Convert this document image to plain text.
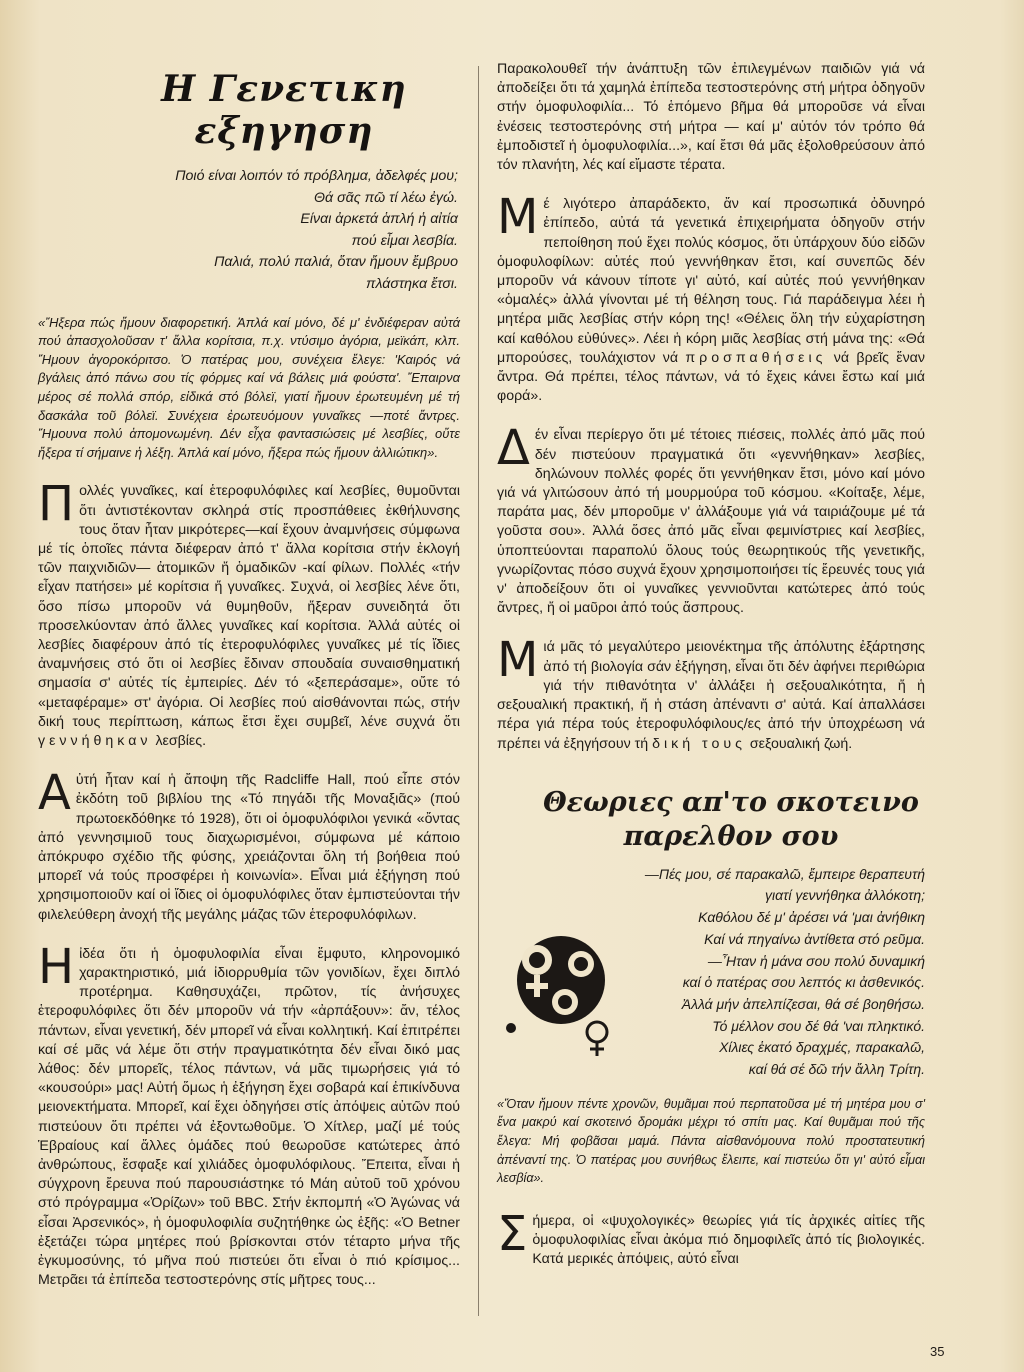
Η Γενετικη εξηγηση
Ποιό είναι λοιπόν τό πρόβλημα, ἀδελφές μου;
Θά σᾶς πῶ τί λέω ἐγώ.
Είναι ἀρκετά ἁπλή ἡ αἰτία
πού εἶμαι λεσβία.
Παλιά, πολύ παλιά, ὅταν ἤμουν ἔμβρυο
πλάστηκα ἔτσι.
«Ἤξερα πώς ἤμουν διαφορετική. Ἁπλά καί μόνο, δέ μ' ἐνδιέφεραν αὐτά πού ἀπασχολοῦσαν τ' ἄλλα κορίτσια, π.χ. ντύσιμο ἀγόρια, μεϊκάπ, κλπ. Ἤμουν ἀγοροκόριτσο. Ὁ πατέρας μου, συνέχεια ἔλεγε: 'Καιρός νά βγάλεις ἀπό πάνω σου τίς φόρμες καί νά βάλεις μιά φούστα'. Ἔπαιρνα μέρος σέ πολλά σπόρ, εἰδικά στό βόλεϊ, γιατί ἤμουν ἐρωτευμένη μέ τή δασκάλα τοῦ βόλεϊ. Συνέχεια ἐρωτευόμουν γυναῖκες —ποτέ ἄντρες. Ἤμουνα πολύ ἀπομονωμένη. Δέν εἶχα φαντασιώσεις μέ λεσβίες, οὔτε ἤξερα τί σήμαινε ἡ λέξη. Ἁπλά καί μόνο, ἤξερα πώς ἤμουν ἀλλιώτικη».
Πολλές γυναῖκες, καί ἑτεροφυλόφιλες καί λεσβίες, θυμοῦνται ὅτι ἀντιστέκονταν σκληρά στίς προσπάθειες ἐκθήλυνσης τους ὅταν ἦταν μικρότερες—καί ἔχουν ἀναμνήσεις σύμφωνα μέ τίς ὁποῖες πάντα διέφεραν ἀπό τ' ἄλλα κορίτσια στήν ἐκλογή τῶν παιχνιδιῶν— ἀτομικῶν ἤ ὁμαδικῶν -καί φίλων. Πολλές «τήν εἶχαν πατήσει» μέ κορίτσια ἤ γυναῖκες. Συχνά, οἱ λεσβίες λένε ὅτι, ὅσο πίσω μποροῦν νά θυμηθοῦν, ἤξεραν συνειδητά ὅτι προσελκύονταν ἀπό ἄλλες γυναῖκες καί κορίτσια. Ἀλλά αὐτές οἱ λεσβίες διαφέρουν ἀπό τίς ἑτεροφυλόφιλες γυναῖκες μέ τίς ἴδιες ἀναμνήσεις στό ὅτι οἱ λεσβίες ἔδιναν σπουδαία συναισθηματική σημασία σ' αὐτές τίς ἐμπειρίες. Δέν τό «ξεπεράσαμε», οὔτε τό «μεταφέραμε» στ' ἀγόρια. Οἱ λεσβίες πού αἰσθάνονται πώς, στήν δική τους περίπτωση, κάπως ἔτσι ἔχει συμβεῖ, λένε συχνά ὅτι γεννήθηκαν λεσβίες.
Αὐτή ἦταν καί ἡ ἄποψη τῆς Radcliffe Hall, πού εἶπε στόν ἐκδότη τοῦ βιβλίου της «Τό πηγάδι τῆς Μοναξιᾶς» (πού πρωτοεκδόθηκε τό 1928), ὅτι οἱ ὁμοφυλόφιλοι γενικά «ὄντας ἀπό γεννησιμιοῦ τους διαχωρισμένοι, σύμφωνα μέ κάποιο ἀπόκρυφο σχέδιο τῆς φύσης, χρειάζονται ὅλη τή βοήθεια πού μπορεῖ νά τούς προσφέρει ἡ κοινωνία». Εἶναι μιά ἐξήγηση πού χρησιμοποιοῦν καί οἱ ἴδιες οἱ ὁμοφυλόφιλες ὅταν ἐμπιστεύονται τήν φιλελεύθερη ἀνοχή τῆς μεγάλης μάζας τῶν ἑτεροφυλόφιλων.
Η ἰδέα ὅτι ἡ ὁμοφυλοφιλία εἶναι ἔμφυτο, κληρονομικό χαρακτηριστικό, μιά ἰδιορρυθμία τῶν γονιδίων, ἔχει διπλό προτέρημα. Καθησυχάζει, πρῶτον, τίς ἀνήσυχες ἑτεροφυλόφιλες ὅτι δέν μποροῦν νά τήν «ἀρπάξουν»: ἄν, τέλος πάντων, εἶναι γενετική, δέν μπορεῖ νά εἶναι κολλητική. Καί ἐπιτρέπει καί σέ μᾶς νά λέμε ὅτι στήν πραγματικότητα δέν εἶναι δικό μας λάθος: δέν μπορεῖς, τέλος πάντων, νά μᾶς τιμωρήσεις γιά τό «κουσούρι» μας! Αὐτή ὅμως ἡ ἐξήγηση ἔχει σοβαρά καί ἐπικίνδυνα μειονεκτήματα. Μπορεῖ, καί ἔχει ὁδηγήσει στίς ἀπόψεις αὐτῶν πού πιστεύουν ὅτι πρέπει νά ἐξοντωθοῦμε. Ὁ Χίτλερ, μαζί μέ τούς Ἑβραίους καί ἄλλες ὁμάδες πού θεωροῦσε κατώτερες ἀπό ἀνθρώπους, ἔσφαξε καί χιλιάδες ὁμοφυλόφιλους. Ἔπειτα, εἶναι ἡ σύγχρονη ἔρευνα πού παρουσιάστηκε τό Μάη αὐτοῦ τοῦ χρόνου στό πρόγραμμα «Ὀρίζων» τοῦ BBC. Στήν ἐκπομπή «Ὁ Ἀγώνας νά εἶσαι Ἀρσενικός», ἡ ὁμοφυλοφιλία συζητήθηκε ὡς ἑξῆς: «Ὁ Betner ἐξετάζει τώρα μητέρες πού βρίσκονται στόν τέταρτο μήνα τῆς ἐγκυμοσύνης, τό μῆνα πού πιστεύει ὅτι εἶναι ὁ πιό κρίσιμος... Μετρᾶει τά ἐπίπεδα τεστοστερόνης στίς μῆτρες τους...
Παρακολουθεῖ τήν ἀνάπτυξη τῶν ἐπιλεγμένων παιδιῶν γιά νά ἀποδείξει ὅτι τά χαμηλά ἐπίπεδα τεστοστερόνης στή μήτρα ὁδηγοῦν στήν ὁμοφυλοφιλία... Τό ἑπόμενο βῆμα θά μποροῦσε νά εἶναι ἐνέσεις τεστοστερόνης στή μήτρα — καί μ' αὐτόν τόν τρόπο θά ἐμποδιστεῖ ἡ ὁμοφυλοφιλία...», καί ἔτσι θά μᾶς ἐξολοθρεύσουν ἀπό τόν πλανήτη, λές καί εἴμαστε τέρατα.
Μέ λιγότερο ἀπαράδεκτο, ἄν καί προσωπικά ὀδυνηρό ἐπίπεδο, αὐτά τά γενετικά ἐπιχειρήματα ὁδηγοῦν στήν πεποίθηση πού ἔχει πολύς κόσμος, ὅτι ὑπάρχουν δύο εἰδῶν ὁμοφυλοφίλων: αὐτές πού γεννήθηκαν ἔτσι, καί συνεπῶς δέν μποροῦν νά κάνουν τίποτε γι' αὐτό, καί αὐτές πού γεννήθηκαν «ὁμαλές» ἀλλά γίνονται μέ τή θέληση τους. Γιά παράδειγμα λέει ἡ μητέρα μιᾶς λεσβίας στήν κόρη της! «Θέλεις ὅλη τήν εὐχαρίστηση καί καθόλου εὐθύνες». Λέει ἡ κόρη μιᾶς λεσβίας στή μάνα της: «Θά μπορούσες, τουλάχιστον νά προσπαθήσεις νά βρεῖς ἕναν ἄντρα. Θά πρέπει, τέλος πάντων, νά τό ἔχεις κάνει ἔστω καί μιά φορά».
Δέν εἶναι περίεργο ὅτι μέ τέτοιες πιέσεις, πολλές ἀπό μᾶς πού δέν πιστεύουν πραγματικά ὅτι «γεννήθηκαν» λεσβίες, δηλώνουν πολλές φορές ὅτι γεννήθηκαν ἔτσι, μόνο καί μόνο γιά νά γλιτώσουν ἀπό τή μουρμούρα τοῦ κόσμου. «Κοίταξε, λέμε, παράτα μας, δέν μποροῦμε ν' ἀλλάξουμε γιά νά ταιριάζουμε μέ τά γοῦστα σου». Ἀλλά ὅσες ἀπό μᾶς εἶναι φεμινίστριες καί λεσβίες, ὑποπτεύονται παραπολύ ὅλους τούς θεωρητικούς τῆς γενετικῆς, γνωρίζοντας πόσο συχνά ἔχουν χρησιμοποιήσει τίς ἔρευνές τους γιά ν' ἀποδείξουν ὅτι οἱ γυναῖκες γεννιοῦνται κατώτερες ἀπό τούς ἄντρες, ἤ οἱ μαῦροι ἀπό τούς ἄσπρους.
Μιά μᾶς τό μεγαλύτερο μειονέκτημα τῆς ἀπόλυτης ἐξάρτησης ἀπό τή βιολογία σάν ἐξήγηση, εἶναι ὅτι δέν ἀφήνει περιθώρια γιά τήν πιθανότητα ν' ἀλλάξει ἡ σεξουαλικότητα, ἤ ἡ σεξουαλική πρακτική, ἤ ἡ στάση ἀπέναντι σ' αὐτά. Καί ἀπαλλάσει πέρα γιά πέρα τούς ἑτεροφυλόφιλους/ες ἀπό τήν ὑποχρέωση νά πρέπει νά ἐξηγήσουν τή δική τους σεξουαλική ζωή.
Θεωριες απ'το σκοτεινο παρελθον σου
—Πές μου, σέ παρακαλῶ, ἔμπειρε θεραπευτή
γιατί γεννήθηκα ἀλλόκοτη;
Καθόλου δέ μ' ἀρέσει νά 'μαι ἀνήθικη
Καί νά πηγαίνω ἀντίθετα στό ρεῦμα.
—Ἦταν ἡ μάνα σου πολύ δυναμική
καί ὁ πατέρας σου λεπτός κι ἀσθενικός.
Ἀλλά μήν ἀπελπίζεσαι, θά σέ βοηθήσω.
Τό μέλλον σου δέ θά 'ναι πληκτικό.
Χίλιες ἑκατό δραχμές, παρακαλῶ,
καί θά σέ δῶ τήν ἄλλη Τρίτη.
«Ὅταν ἤμουν πέντε χρονῶν, θυμᾶμαι πού περπατοῦσα μέ τή μητέρα μου σ' ἕνα μακρύ καί σκοτεινό δρομάκι μέχρι τό σπίτι μας. Καί θυμᾶμαι πού τῆς ἔλεγα: Μή φοβᾶσαι μαμά. Πάντα αἰσθανόμουνα πολύ προστατευτική ἀπέναντί της. Ὁ πατέρας μου συνήθως ἔλειπε, καί πιστεύω ὅτι γι' αὐτό εἶμαι λεσβία».
Σήμερα, οἱ «ψυχολογικές» θεωρίες γιά τίς ἀρχικές αἰτίες τῆς ὁμοφυλοφιλίας εἶναι ἀκόμα πιό δημοφιλεῖς ἀπό τίς βιολογικές. Κατά μερικές ἀπόψεις, αὐτό εἶναι
35
